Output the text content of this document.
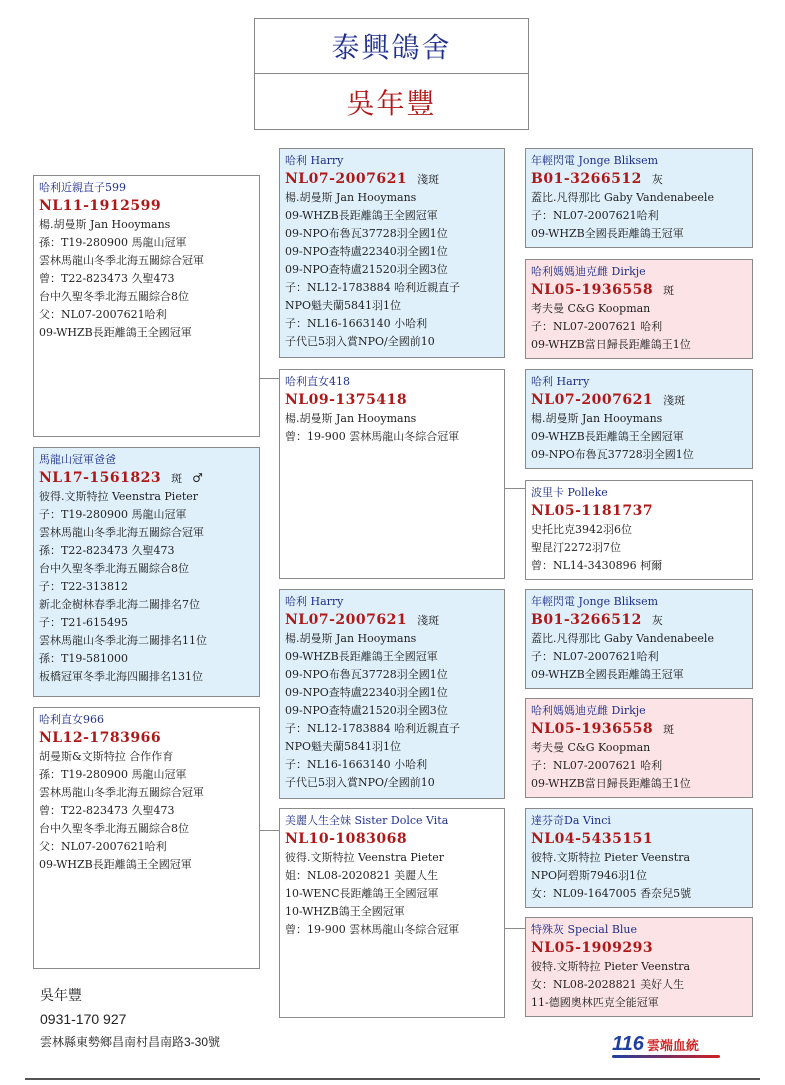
泰興鴿舍
吳年豐
哈利近親直子599
NL11-1912599
楊.胡曼斯 Jan Hooymans
孫：T19-280900 馬龍山冠軍
雲林馬龍山冬季北海五關綜合冠軍
曾：T22-823473 久聖473
台中久聖冬季北海五關綜合8位
父：NL07-2007621哈利
09-WHZB長距離鴿王全國冠軍
馬龍山冠軍爸爸
NL17-1561823 斑 ♂
彼得.文斯特拉 Veenstra Pieter
子：T19-280900 馬龍山冠軍
雲林馬龍山冬季北海五關綜合冠軍
孫：T22-823473 久聖473
台中久聖冬季北海五關綜合8位
子：T22-313812
新北金樹林春季北海二關排名7位
子：T21-615495
雲林馬龍山冬季北海二關排名11位
孫：T19-581000
板橋冠軍冬季北海四關排名131位
哈利直女966
NL12-1783966
胡曼斯&文斯特拉 合作作育
孫：T19-280900 馬龍山冠軍
雲林馬龍山冬季北海五關綜合冠軍
曾：T22-823473 久聖473
台中久聖冬季北海五關綜合8位
父：NL07-2007621哈利
09-WHZB長距離鴿王全國冠軍
哈利 Harry
NL07-2007621 淺斑
楊.胡曼斯 Jan Hooymans
09-WHZB長距離鴿王全國冠軍
09-NPO布魯瓦37728羽全國1位
09-NPO查特盧22340羽全國1位
09-NPO查特盧21520羽全國3位
子：NL12-1783884 哈利近親直子
NPO魁夫蘭5841羽1位
子：NL16-1663140 小哈利
子代已5羽入賞NPO/全國前10
哈利直女418
NL09-1375418
楊.胡曼斯 Jan Hooymans
曾：19-900 雲林馬龍山冬綜合冠軍
哈利 Harry
NL07-2007621 淺斑
楊.胡曼斯 Jan Hooymans
09-WHZB長距離鴿王全國冠軍
09-NPO布魯瓦37728羽全國1位
09-NPO查特盧22340羽全國1位
09-NPO查特盧21520羽全國3位
子：NL12-1783884 哈利近親直子
NPO魁夫蘭5841羽1位
子：NL16-1663140 小哈利
子代已5羽入賞NPO/全國前10
美麗人生全妹 Sister Dolce Vita
NL10-1083068
彼得.文斯特拉 Veenstra Pieter
姐：NL08-2020821 美麗人生
10-WENC長距離鴿王全國冠軍
10-WHZB鴿王全國冠軍
曾：19-900 雲林馬龍山冬綜合冠軍
年輕閃電 Jonge Bliksem
B01-3266512 灰
蓋比.凡得那比 Gaby Vandenabeele
子：NL07-2007621哈利
09-WHZB全國長距離鴿王冠軍
哈利媽媽迪克雌 Dirkje
NL05-1936558 斑
考夫曼 C&G Koopman
子：NL07-2007621 哈利
09-WHZB當日歸長距離鴿王1位
哈利 Harry
NL07-2007621 淺斑
楊.胡曼斯 Jan Hooymans
09-WHZB長距離鴿王全國冠軍
09-NPO布魯瓦37728羽全國1位
波里卡 Polleke
NL05-1181737
史托比克3942羽6位
聖昆汀2272羽7位
曾：NL14-3430896 柯爾
年輕閃電 Jonge Bliksem
B01-3266512 灰
蓋比.凡得那比 Gaby Vandenabeele
子：NL07-2007621哈利
09-WHZB全國長距離鴿王冠軍
哈利媽媽迪克雌 Dirkje
NL05-1936558 斑
考夫曼 C&G Koopman
子：NL07-2007621 哈利
09-WHZB當日歸長距離鴿王1位
達芬奇Da Vinci
NL04-5435151
彼特.文斯特拉 Pieter Veenstra
NPO阿碧斯7946羽1位
女：NL09-1647005 香奈兒5號
特殊灰 Special Blue
NL05-1909293
彼特.文斯特拉 Pieter Veenstra
女：NL08-2028821 美好人生
11-德國奧林匹克全能冠軍
吳年豐
0931-170 927
雲林縣東勢鄉昌南村昌南路3-30號	116 雲端血統
